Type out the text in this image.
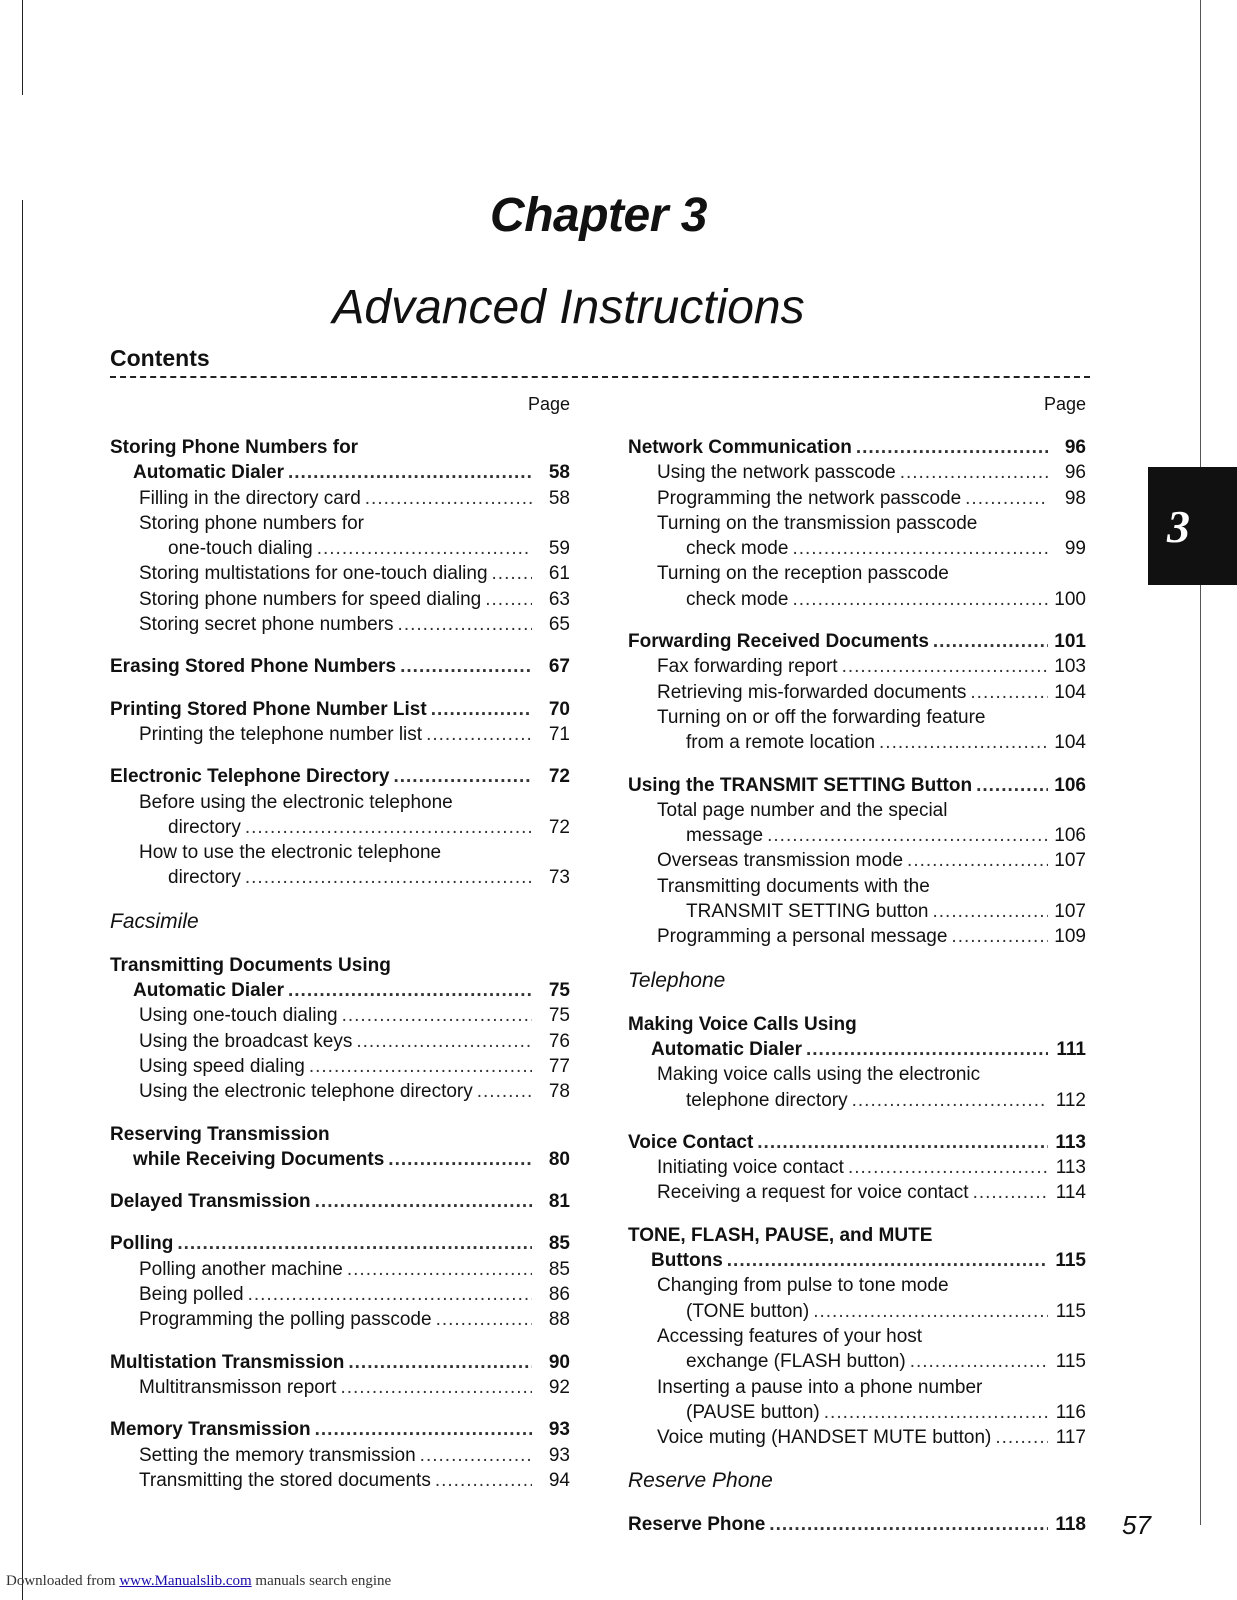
Chapter 3
Advanced Instructions
Contents
Page
Storing Phone Numbers for
Automatic Dialer .....	58
Filling in the directory card .....	58
Storing phone numbers for
one-touch dialing .....	59
Storing multistations for one-touch dialing .....	61
Storing phone numbers for speed dialing .....	63
Storing secret phone numbers .....	65
Erasing Stored Phone Numbers .....	67
Printing Stored Phone Number List .....	70
Printing the telephone number list .....	71
Electronic Telephone Directory .....	72
Before using the electronic telephone
directory .....	72
How to use the electronic telephone
directory .....	73
Facsimile
Transmitting Documents Using
Automatic Dialer .....	75
Using one-touch dialing .....	75
Using the broadcast keys .....	76
Using speed dialing .....	77
Using the electronic telephone directory .....	78
Reserving Transmission
while Receiving Documents .....	80
Delayed Transmission .....	81
Polling .....	85
Polling another machine .....	85
Being polled .....	86
Programming the polling passcode .....	88
Multistation Transmission .....	90
Multitransmisson report .....	92
Memory Transmission .....	93
Setting the memory transmission .....	93
Transmitting the stored documents .....	94
Page
Network Communication .....	96
Using the network passcode .....	96
Programming the network passcode .....	98
Turning on the transmission passcode
check mode .....	99
Turning on the reception passcode
check mode .....	100
Forwarding Received Documents .....	101
Fax forwarding report .....	103
Retrieving mis-forwarded documents .....	104
Turning on or off the forwarding feature
from a remote location .....	104
Using the TRANSMIT SETTING Button .....	106
Total page number and the special
message .....	106
Overseas transmission mode .....	107
Transmitting documents with the
TRANSMIT SETTING button .....	107
Programming a personal message .....	109
Telephone
Making Voice Calls Using
Automatic Dialer .....	111
Making voice calls using the electronic
telephone directory .....	112
Voice Contact .....	113
Initiating voice contact .....	113
Receiving a request for voice contact .....	114
TONE, FLASH, PAUSE, and MUTE
Buttons .....	115
Changing from pulse to tone mode
(TONE button) .....	115
Accessing features of your host
exchange (FLASH button) .....	115
Inserting a pause into a phone number
(PAUSE button) .....	116
Voice muting (HANDSET MUTE button) .....	117
Reserve Phone
Reserve Phone .....	118
3
57
Downloaded from www.Manualslib.com manuals search engine
